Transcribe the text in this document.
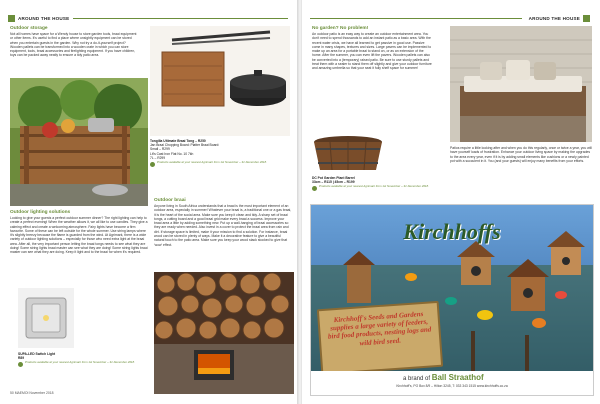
AROUND THE HOUSE
Outdoor storage
Not all homes have space for a Wendy house to store garden tools, braai equipment or other items. It's useful to find a place where unsightly equipment can be stored when you entertain guests in the garden. Why not try a do-it-yourself project? Wooden pallets can be transformed into a wooden crate in which you can store equipment, tools, braai accessories and firelighting equipment. If you have children, toys can be packed away neatly to ensure a tidy patio area.
Tongilla Ultimate Braai Tong – R250
Jan Braai Chopping Board: Platter Braai Board:
Small – R299
Lit's Cast Iron Flat No. 10 7kh
7L – R299
Products available at your nearest Agrimark from 1st November – 31 December 2018.
Outdoor lighting solutions
Looking to give your guests a perfect outdoor summer dinner? The right lighting can help to create a perfect evening! When the weather allows it, we all like to use candles. They give a calming effect and create a welcoming atmosphere. Fairy lights have become a firm favourite. Some of these can be left outside for the whole summer. Use string lamps where it's slightly breezy because the flame is guarded from the wind. At Agrimark, there is a wide variety of outdoor lighting solutions – especially for those who need extra light at the braai area. After all, the very important person letting the braai tongs needs to see what they are doing! Some string lights braai master can see what they are doing! Some string lights braai master can see what they are doing. Keep it light and to the braai for when it's required.
SUPA-LED Switch Light
R89
Products available at your nearest Agrimark from 1st November – 31 December 2018.
Outdoor braai
Anyone living in South Africa understands that a braai is the most important element of an outdoor area, especially in summer! Whatever your braai is, a traditional one or a gas braai, it is the heart of the social area. Make sure you keep it clean and tidy. A sharp set of braai tongs, a cutting board and a good braai grid make every braai a success. Improve your braai area a little by adding something new. Put up a wall-hanging of braai accessories so they are ready when needed. Also invest in a cover to protect the braai area from rain and dirt. If storage space is limited, make it your mission to find a solution. For instance, braai wood can be stored in plenty of ways. Make it a decorative feature to give a beautiful natural touch to the patio area. Make sure you keep your wood stack stocked to give that 'wow' effect.
50 MAEMOI November 2018
AROUND THE HOUSE
No garden? No problem!
An outdoor patio is an easy way to create an outdoor entertainment area. You don't need to spend thousands to add an instant patio as a basic area. With the recent water crisis, we have all learned to get passive in good use. Passive come in many shapes, textures and sizes. Large pavers can be implemented to make up an area for a portable braai to stand on, or as an extension of the home. After the summer, you can even lift the pavers. Wooden pallets can also be converted into a (temporary) raised patio. Be sure to use sturdy pallets and treat them with a sealer to stand them off slightly and give your outdoor furniture and amazing umbrella so that your seat it fully shelf space for summer!
DC Pot Garden Plant Barrel
33cm – R115 | 45cm – R199
Products available at your nearest Agrimark from 1st November – 31 December 2018.
Patios require a little looking after and when you do this regularly, once or twice a year, you will have yourself loads of frustration. Enhance your outdoor living space by making the upgrades to the area every year, even if it is by adding small elements like cushions or a newly painted pot with a succulent in it. You (and your guests) will enjoy many benefits from your efforts.
Kirchhoffs

Kirchhoff's Seeds and Gardens supplies a large variety of feeders, bird food products, nesting logs and wild bird seed.

a brand of Ball Straathof
Kirchhoff's, PO Box 8/9 – Hilton 3245, T: 033 343 1515 www.kirchhoffs.co.za
